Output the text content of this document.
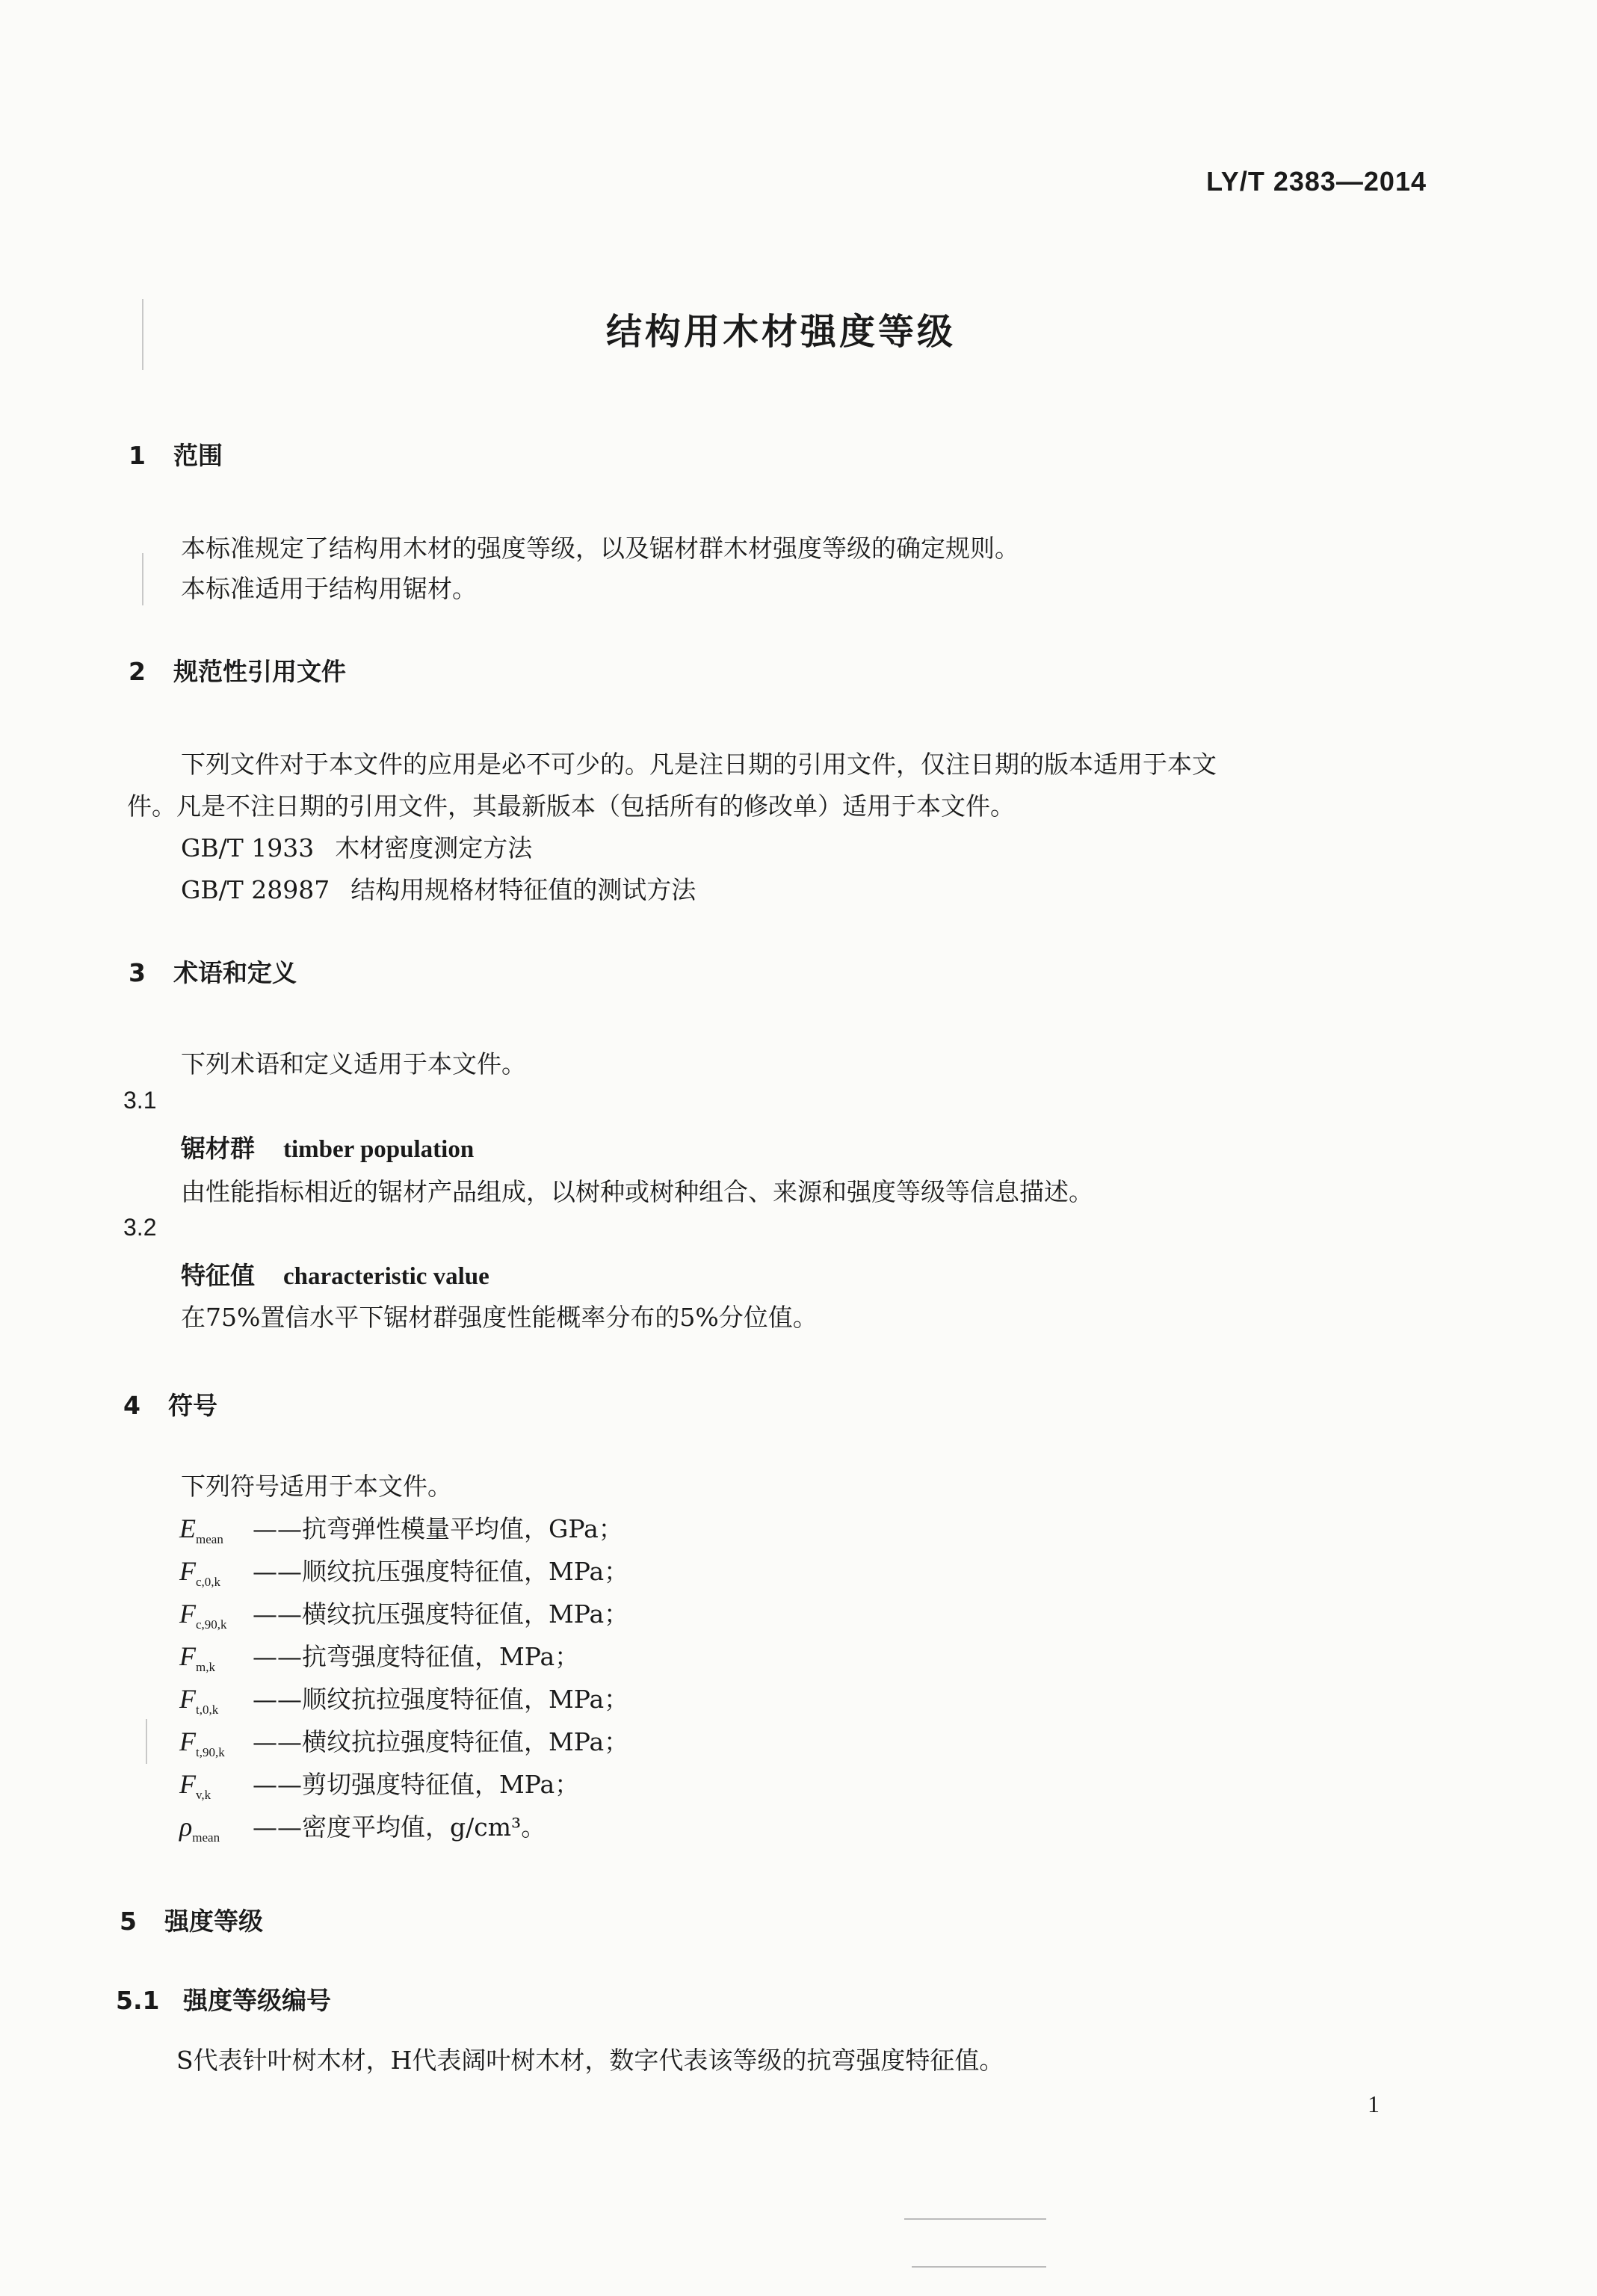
LY/T 2383—2014
结构用木材强度等级
1 范围
本标准规定了结构用木材的强度等级，以及锯材群木材强度等级的确定规则。
本标准适用于结构用锯材。
2 规范性引用文件
下列文件对于本文件的应用是必不可少的。凡是注日期的引用文件，仅注日期的版本适用于本文
件。凡是不注日期的引用文件，其最新版本（包括所有的修改单）适用于本文件。
GB/T 1933 木材密度测定方法
GB/T 28987 结构用规格材特征值的测试方法
3 术语和定义
下列术语和定义适用于本文件。
3.1
锯材群 timber population
由性能指标相近的锯材产品组成，以树种或树种组合、来源和强度等级等信息描述。
3.2
特征值 characteristic value
在75%置信水平下锯材群强度性能概率分布的5%分位值。
4 符号
下列符号适用于本文件。
$E_{mean}$ ——抗弯弹性模量平均值，GPa；
$F_{c,0,k}$ ——顺纹抗压强度特征值，MPa；
$F_{c,90,k}$ ——横纹抗压强度特征值，MPa；
$F_{m,k}$ ——抗弯强度特征值，MPa；
$F_{t,0,k}$ ——顺纹抗拉强度特征值，MPa；
$F_{t,90,k}$ ——横纹抗拉强度特征值，MPa；
$F_{v,k}$ ——剪切强度特征值，MPa；
$\rho_{mean}$ ——密度平均值，g/cm³。
5 强度等级
5.1 强度等级编号
S代表针叶树木材，H代表阔叶树木材，数字代表该等级的抗弯强度特征值。
1
